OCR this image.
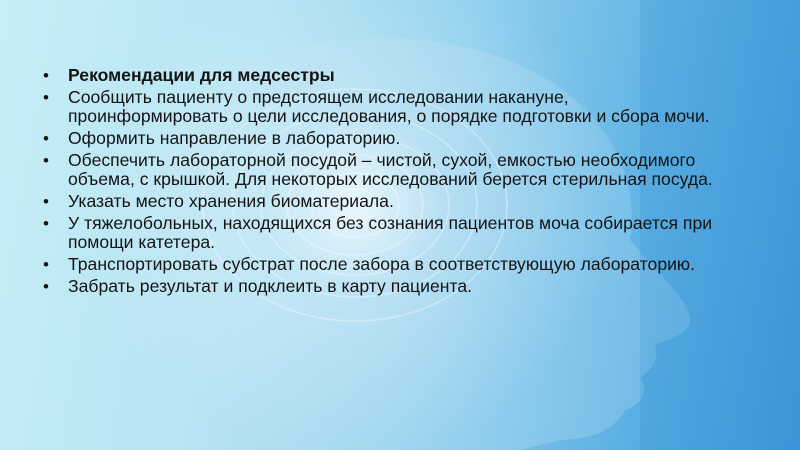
• Рекомендации для медсестры
• Сообщить пациенту о предстоящем исследовании накануне, проинформировать о цели исследования, о порядке подготовки и сбора мочи.
• Оформить направление в лабораторию.
• Обеспечить лабораторной посудой – чистой, сухой, емкостью необходимого объема, с крышкой. Для некоторых исследований берется стерильная посуда.
• Указать место хранения биоматериала.
• У тяжелобольных, находящихся без сознания пациентов моча собирается при помощи катетера.
• Транспортировать субстрат после забора в соответствующую лабораторию.
• Забрать результат и подклеить в карту пациента.
